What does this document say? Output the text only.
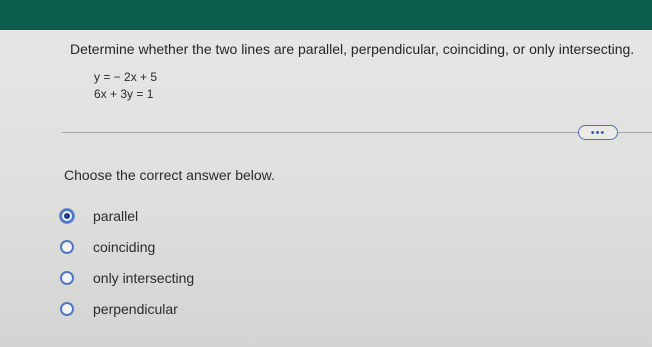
Determine whether the two lines are parallel, perpendicular, coinciding, or only intersecting.
y = − 2x + 5
6x + 3y = 1
•••
Choose the correct answer below.
parallel
coinciding
only intersecting
perpendicular
